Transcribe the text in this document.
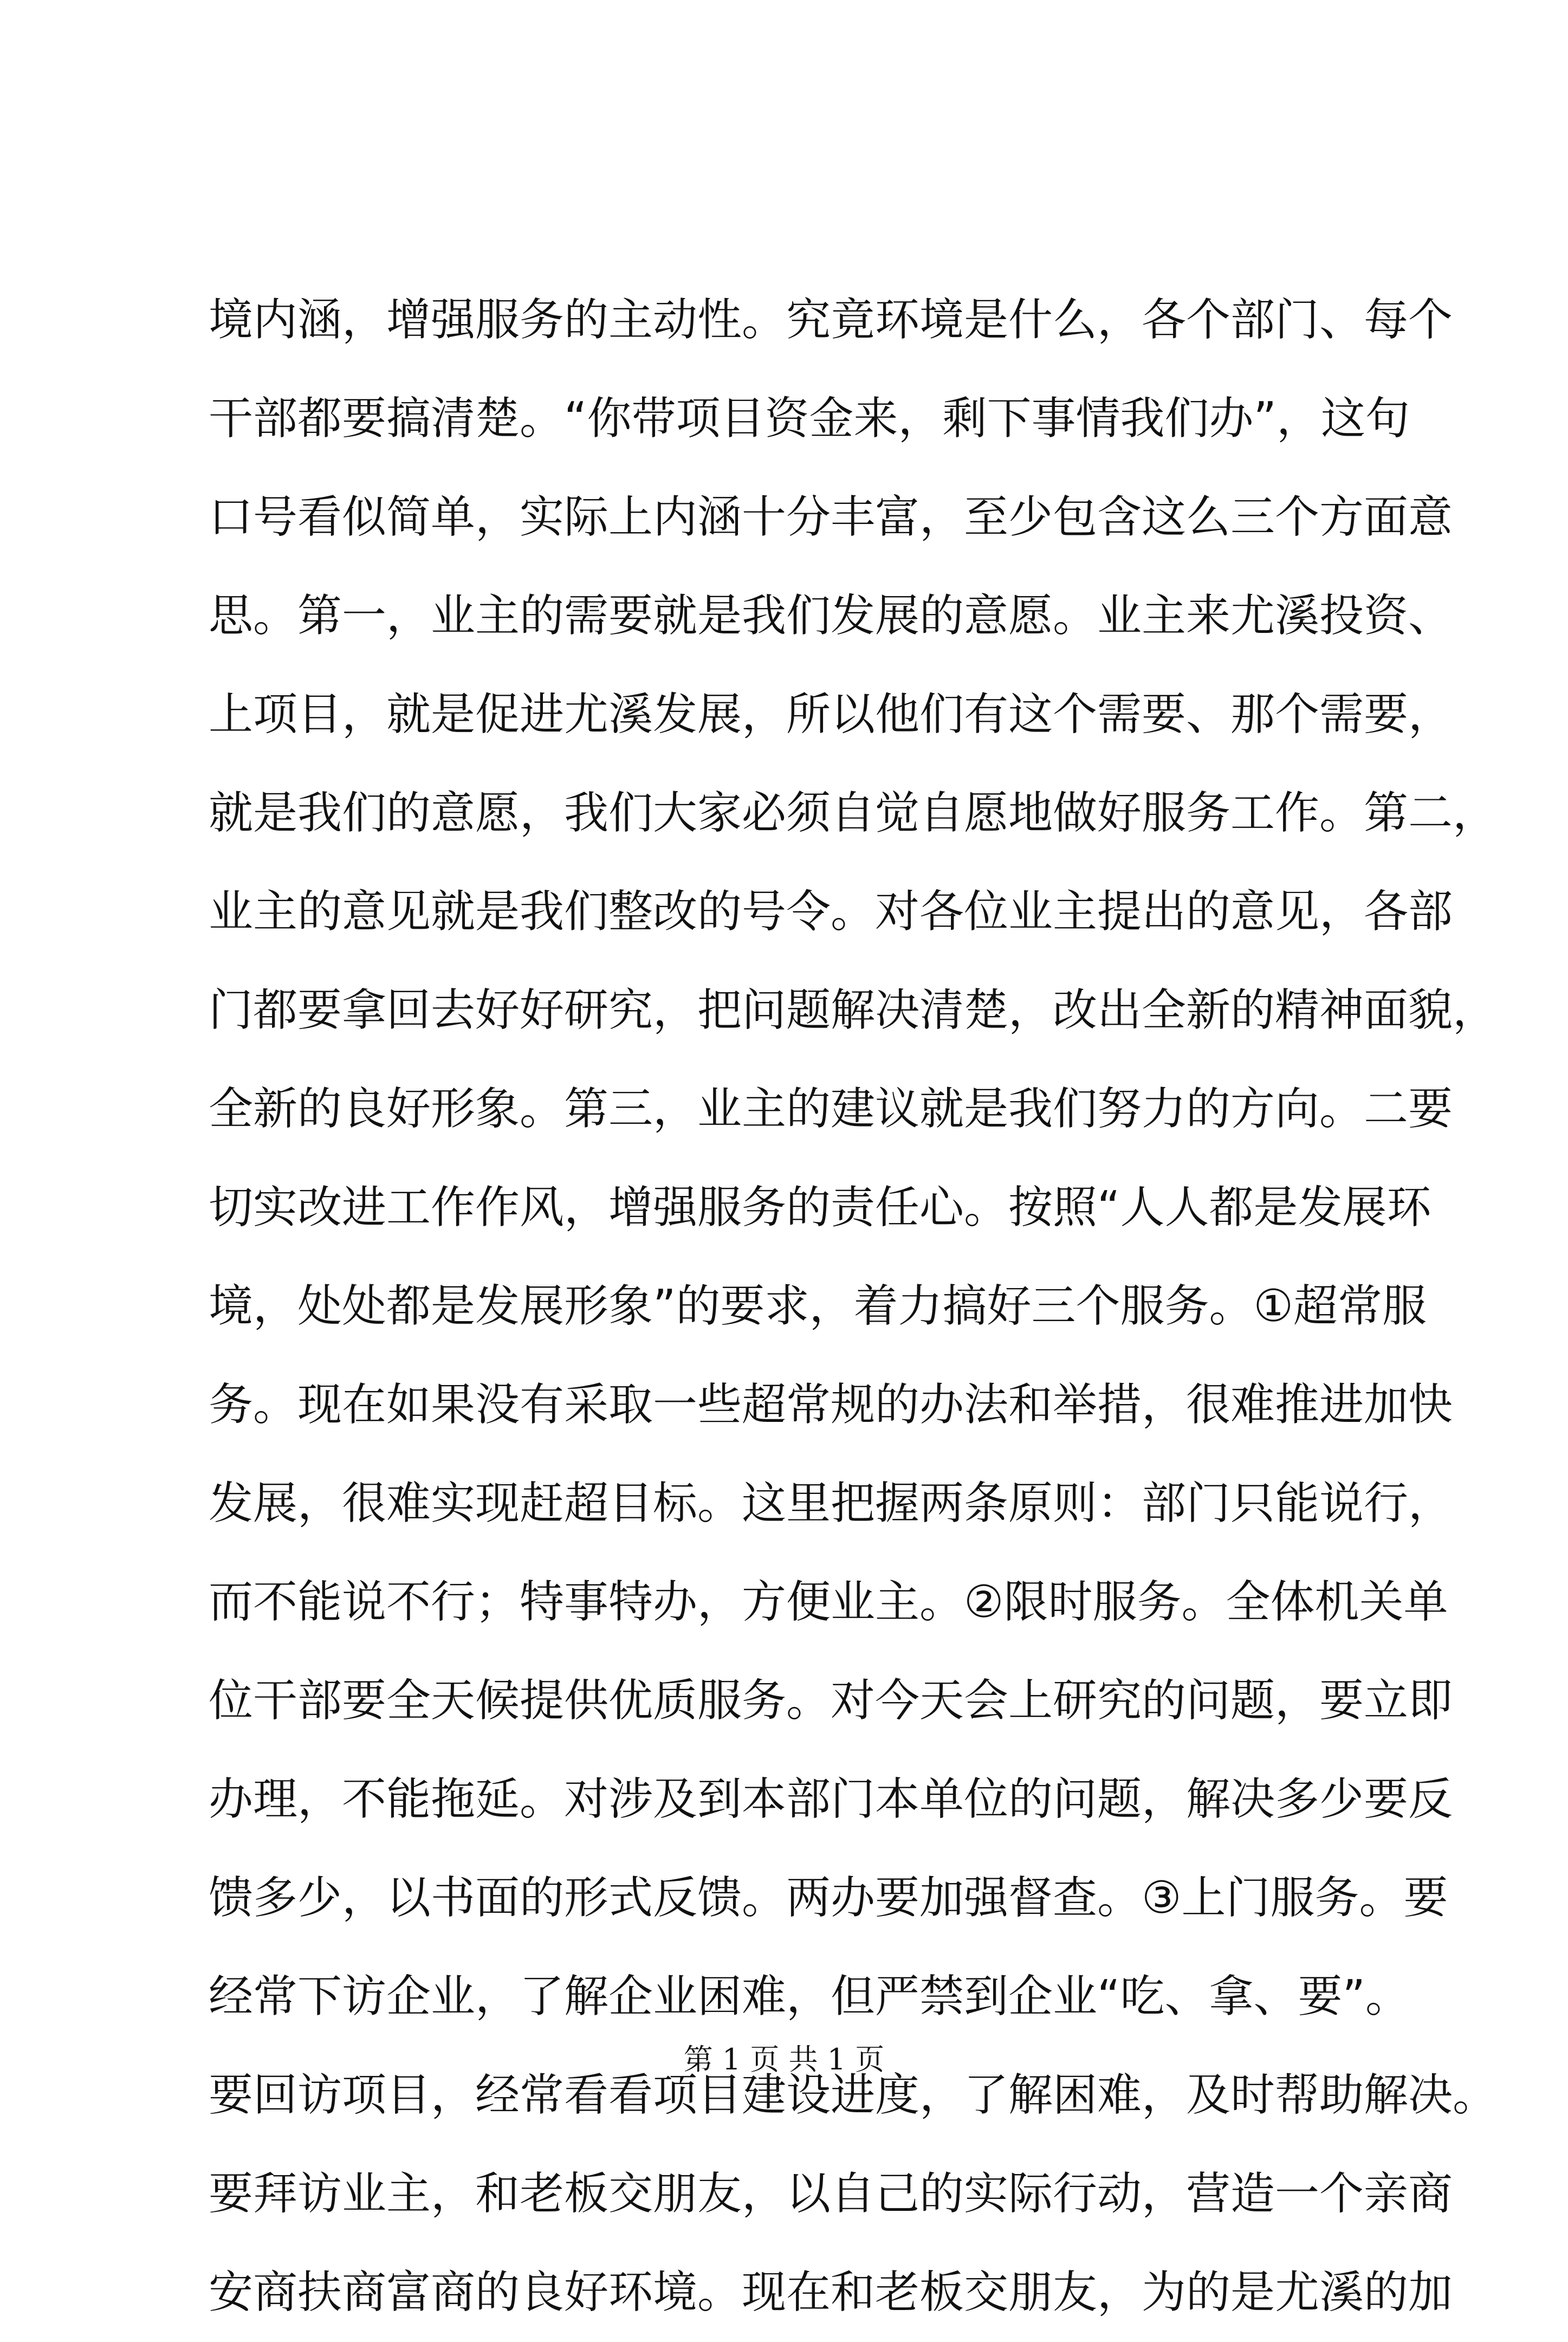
境内涵，增强服务的主动性。究竟环境是什么，各个部门、每个
干部都要搞清楚。“你带项目资金来，剩下事情我们办”，这句
口号看似简单，实际上内涵十分丰富，至少包含这么三个方面意
思。第一，业主的需要就是我们发展的意愿。业主来尤溪投资、
上项目，就是促进尤溪发展，所以他们有这个需要、那个需要，
就是我们的意愿，我们大家必须自觉自愿地做好服务工作。第二，
业主的意见就是我们整改的号令。对各位业主提出的意见，各部
门都要拿回去好好研究，把问题解决清楚，改出全新的精神面貌，
全新的良好形象。第三，业主的建议就是我们努力的方向。二要
切实改进工作作风，增强服务的责任心。按照“人人都是发展环
境，处处都是发展形象”的要求，着力搞好三个服务。①超常服
务。现在如果没有采取一些超常规的办法和举措，很难推进加快
发展，很难实现赶超目标。这里把握两条原则：部门只能说行，
而不能说不行；特事特办，方便业主。②限时服务。全体机关单
位干部要全天候提供优质服务。对今天会上研究的问题，要立即
办理，不能拖延。对涉及到本部门本单位的问题，解决多少要反
馈多少，以书面的形式反馈。两办要加强督查。③上门服务。要
经常下访企业，了解企业困难，但严禁到企业“吃、拿、要”。
要回访项目，经常看看项目建设进度，了解困难，及时帮助解决。
要拜访业主，和老板交朋友，以自己的实际行动，营造一个亲商
安商扶商富商的良好环境。现在和老板交朋友，为的是尤溪的加
第 1 页 共 1 页
